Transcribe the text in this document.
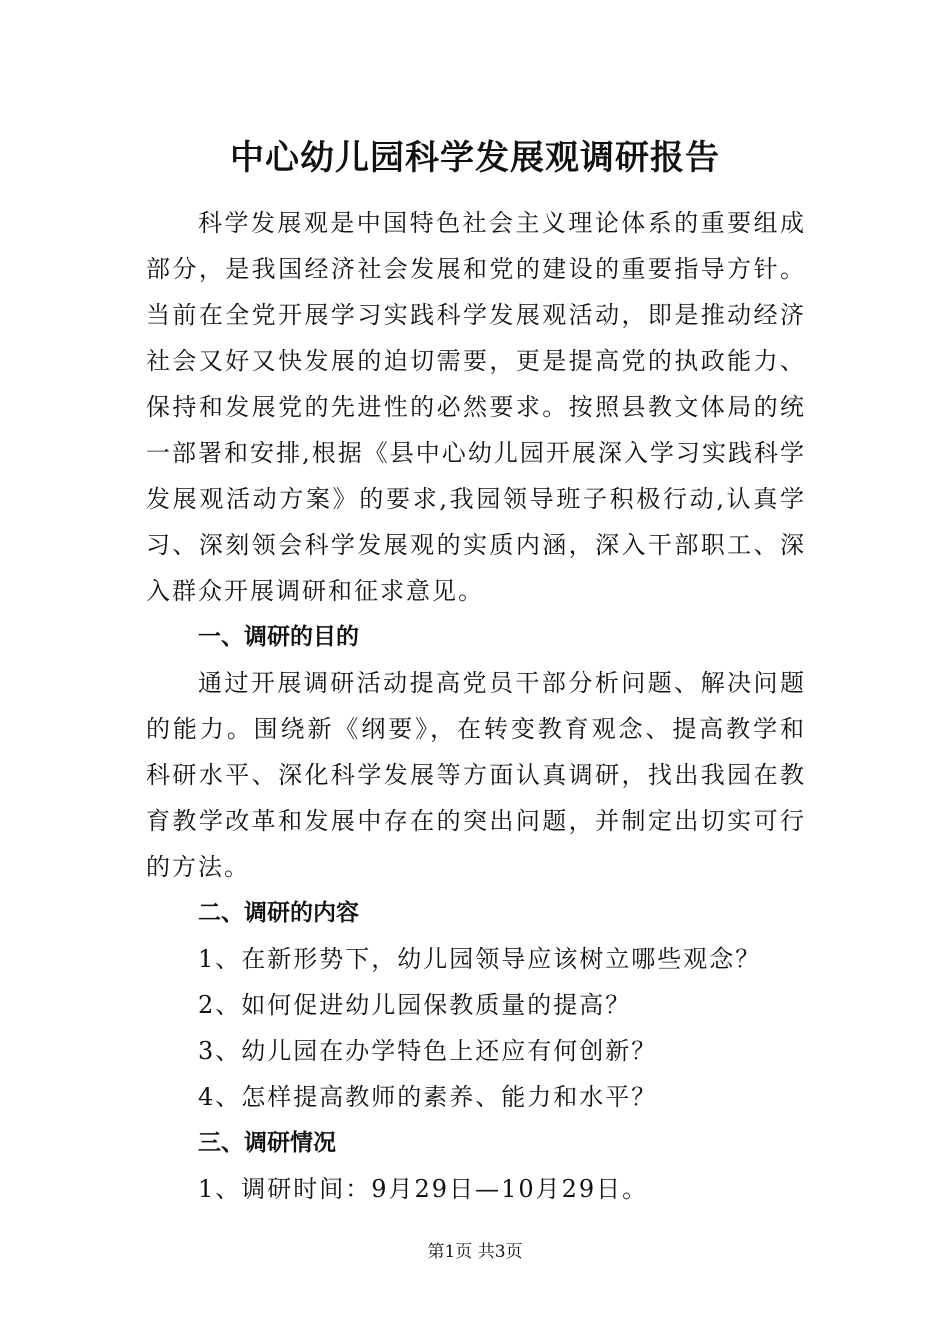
中心幼儿园科学发展观调研报告

科学发展观是中国特色社会主义理论体系的重要组成部分，是我国经济社会发展和党的建设的重要指导方针。当前在全党开展学习实践科学发展观活动，即是推动经济社会又好又快发展的迫切需要，更是提高党的执政能力、保持和发展党的先进性的必然要求。按照县教文体局的统一部署和安排,根据《县中心幼儿园开展深入学习实践科学发展观活动方案》的要求,我园领导班子积极行动,认真学习、深刻领会科学发展观的实质内涵，深入干部职工、深入群众开展调研和征求意见。

一、调研的目的

通过开展调研活动提高党员干部分析问题、解决问题的能力。围绕新《纲要》，在转变教育观念、提高教学和科研水平、深化科学发展等方面认真调研，找出我园在教育教学改革和发展中存在的突出问题，并制定出切实可行的方法。

二、调研的内容

1、在新形势下，幼儿园领导应该树立哪些观念？

2、如何促进幼儿园保教质量的提高？

3、幼儿园在办学特色上还应有何创新？

4、怎样提高教师的素养、能力和水平？

三、调研情况

1、调研时间：9月29日—10月29日。

第1页 共3页
